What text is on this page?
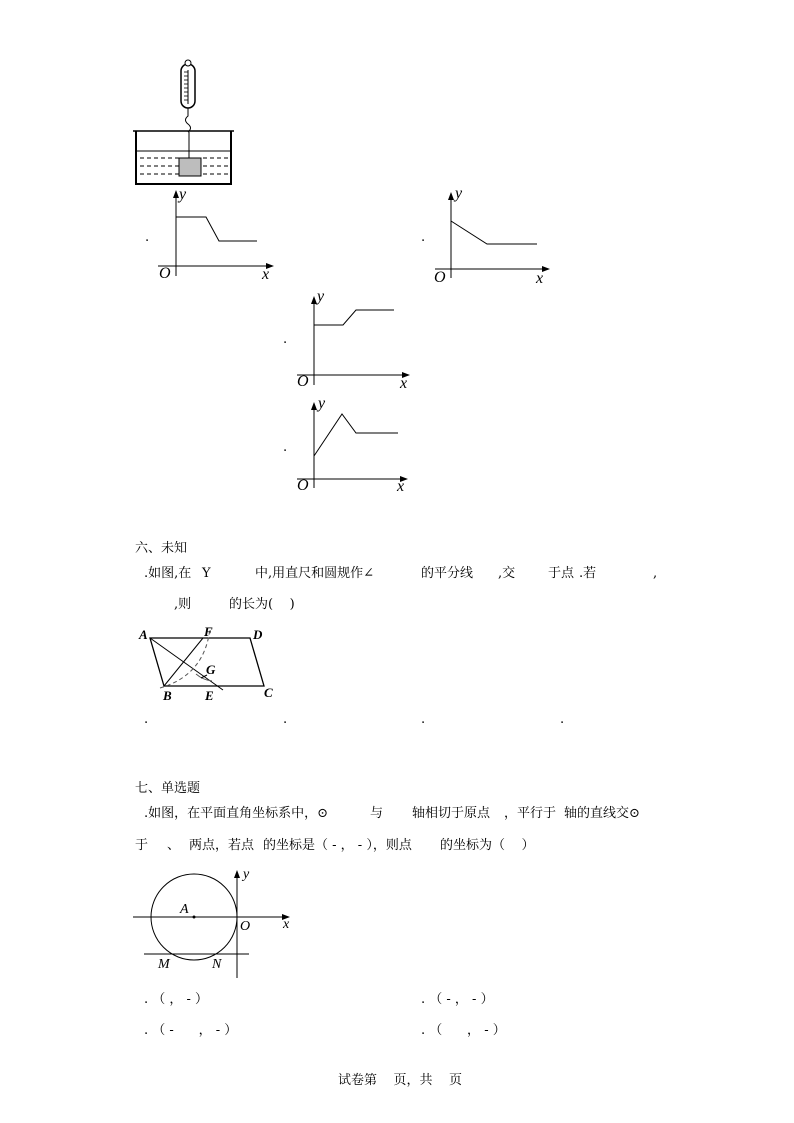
y
O	x
.
y
O	x
.
y
O	x
.
y
O	x
.
六、未知
.如图,在 Y	中,用直尺和圆规作∠	的平分线 ,交	于点 .若	,
,则	的长为(    )
A	F	D
G
B	E	C
.	.	.	.
七、单选题
.如图，在平面直角坐标系中，⊙	与 轴相切于原点 ，平行于 轴的直线交⊙
于 、 两点，若点 的坐标是（ - ， - ），则点 的坐标为（    ）
y
A
O x
M	N
. （ ， - ）	. （ - ， - ）
. （ -      ， - ）	. （      ， - ）
试卷第    页，共    页
